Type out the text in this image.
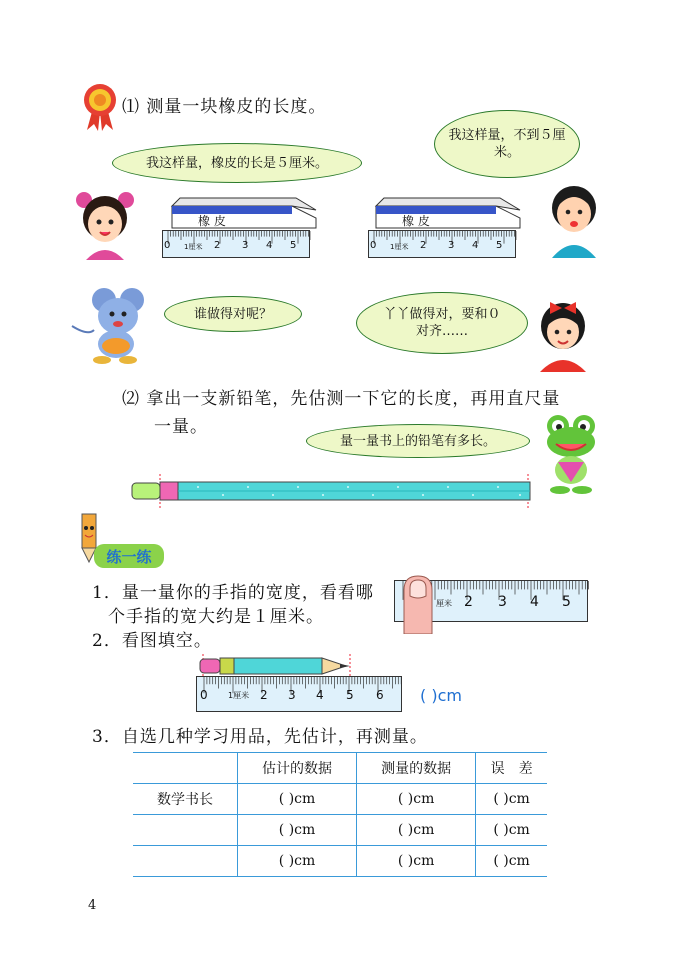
⑴ 测量一块橡皮的长度。
我这样量，橡皮的长是５厘米。
我这样量，不到５厘米。
橡 皮
0 1厘米 2 3 4 5
橡 皮
0 1厘米 2 3 4 5
谁做得对呢？	丫丫做得对，要和０对齐……
⑵ 拿出一支新铅笔，先估测一下它的长度，再用直尺量
一量。
量一量书上的铅笔有多长。
练一练
1．量一量你的手指的宽度，看看哪
个手指的宽大约是１厘米。
厘米 2 3 4 5
2．看图填空。
0	1厘米 2 3 4 5 6 ( )cm
3．自选几种学习用品，先估计，再测量。
	估计的数据	测量的数据	误　差
数学书长	( )cm	( )cm	( )cm
	( )cm	( )cm	( )cm
	( )cm	( )cm	( )cm
4
